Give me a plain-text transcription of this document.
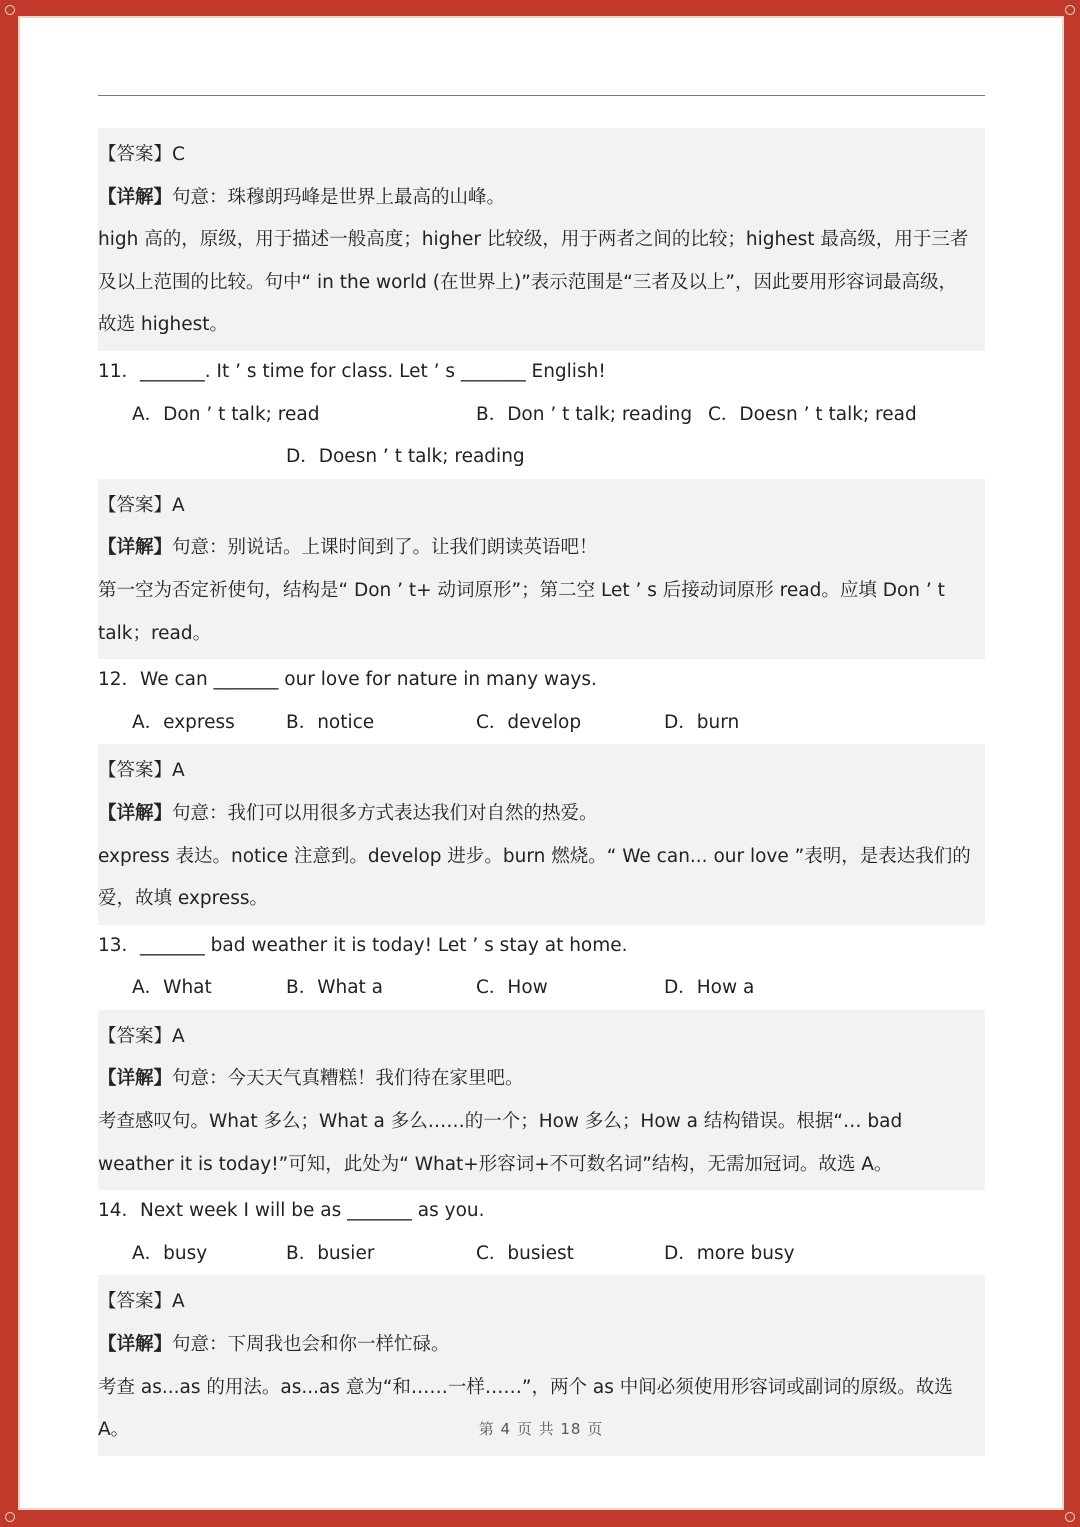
【答案】C
【详解】句意：珠穆朗玛峰是世界上最高的山峰。
high 高的，原级，用于描述一般高度；higher 比较级，用于两者之间的比较；highest 最高级，用于三者
及以上范围的比较。句中“ in the world (在世界上)”表示范围是“三者及以上”，因此要用形容词最高级，
故选 highest。
11．_______. It ’ s time for class. Let ’ s _______ English!
A．Don ’ t talk; read	B．Don ’ t talk; reading C．Doesn ’ t talk; read
D．Doesn ’ t talk; reading
【答案】A
【详解】句意：别说话。上课时间到了。让我们朗读英语吧！
第一空为否定祈使句，结构是“ Don ’ t+ 动词原形”；第二空 Let ’ s 后接动词原形 read。应填 Don ’ t
talk；read。
12．We can _______ our love for nature in many ways.
A．express	B．notice	C．develop	D．burn
【答案】A
【详解】句意：我们可以用很多方式表达我们对自然的热爱。
express 表达。notice 注意到。develop 进步。burn 燃烧。“ We can... our love ”表明，是表达我们的
爱，故填 express。
13．_______ bad weather it is today! Let ’ s stay at home.
A．What	B．What a	C．How	D．How a
【答案】A
【详解】句意：今天天气真糟糕！我们待在家里吧。
考查感叹句。What 多么；What a 多么……的一个；How 多么；How a 结构错误。根据“… bad
weather it is today!”可知，此处为“ What+形容词+不可数名词”结构，无需加冠词。故选 A。
14．Next week I will be as _______ as you.
A．busy	B．busier	C．busiest	D．more busy
【答案】A
【详解】句意：下周我也会和你一样忙碌。
考查 as...as 的用法。as...as 意为“和……一样……”，两个 as 中间必须使用形容词或副词的原级。故选
A。	第 4 页 共 18 页
